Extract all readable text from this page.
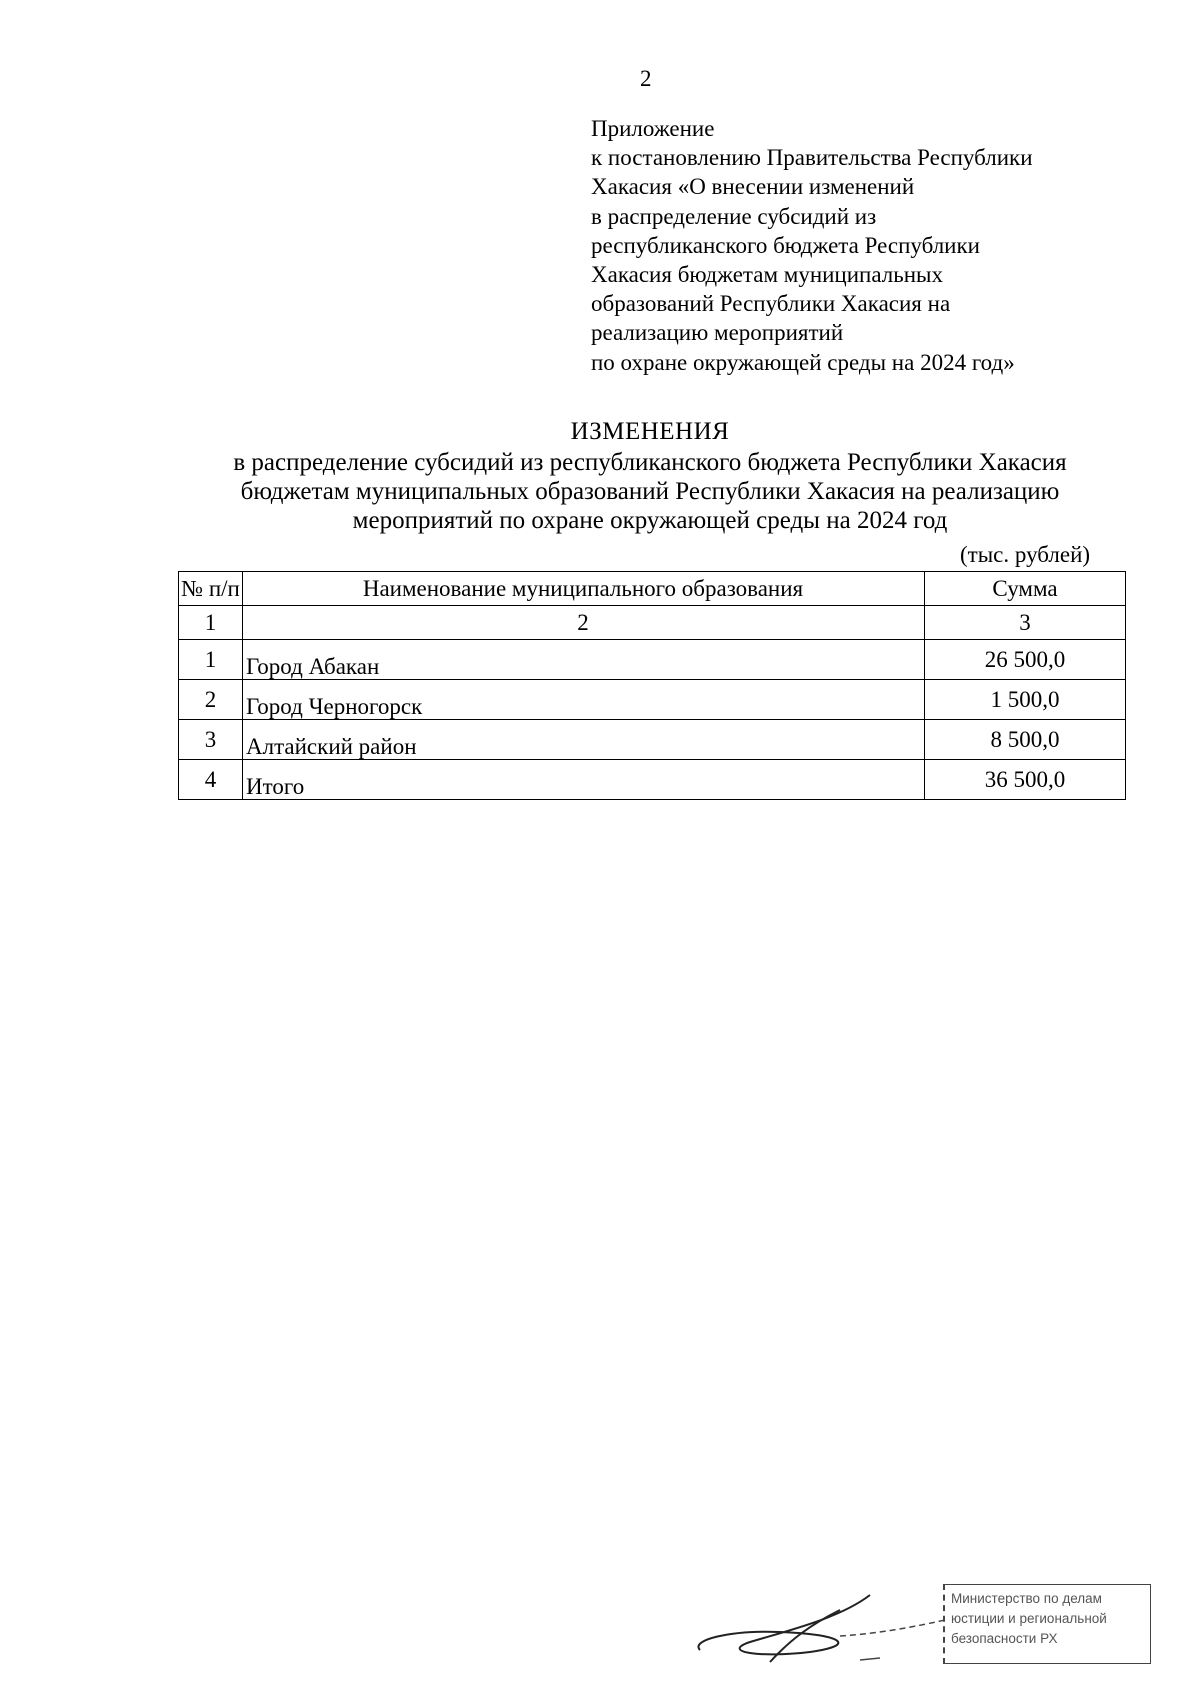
2
Приложение
к постановлению Правительства Республики
Хакасия «О внесении изменений
в распределение субсидий из
республиканского бюджета Республики
Хакасия бюджетам муниципальных
образований Республики Хакасия на
реализацию мероприятий
по охране окружающей среды на 2024 год»
ИЗМЕНЕНИЯ
в распределение субсидий из республиканского бюджета Республики Хакасия
бюджетам муниципальных образований Республики Хакасия на реализацию
мероприятий по охране окружающей среды на 2024 год
(тыс. рублей)
№ п/п	Наименование муниципального образования	Сумма
1	2	3
1	Город Абакан	26 500,0
2	Город Черногорск	1 500,0
3	Алтайский район	8 500,0
4	Итого	36 500,0
Министерство по делам
юстиции и региональной
безопасности РХ
